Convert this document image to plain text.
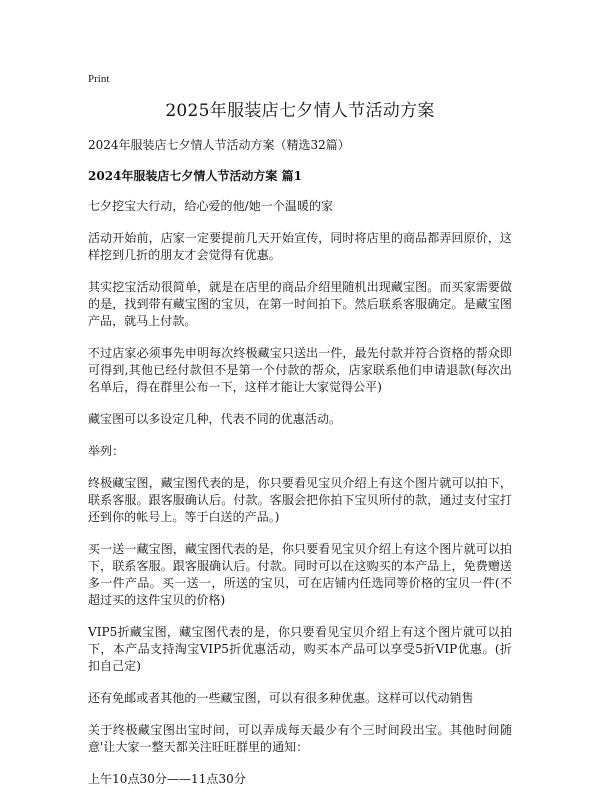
Print
2025年服装店七夕情人节活动方案

2024年服装店七夕情人节活动方案（精选32篇）

2024年服装店七夕情人节活动方案 篇1

七夕挖宝大行动，给心爱的他/她一个温暖的家

活动开始前，店家一定要提前几天开始宣传，同时将店里的商品都弄回原价，这样挖到几折的朋友才会觉得有优惠。

其实挖宝活动很简单，就是在店里的商品介绍里随机出现藏宝图。而买家需要做的是，找到带有藏宝图的宝贝，在第一时间拍下。然后联系客服确定。是藏宝图产品，就马上付款。

不过店家必须事先申明每次终极藏宝只送出一件，最先付款并符合资格的帮众即可得到,其他已经付款但不是第一个付款的帮众，店家联系他们申请退款(每次出名单后，得在群里公布一下，这样才能让大家觉得公平)

藏宝图可以多设定几种，代表不同的优惠活动。

举列：

终极藏宝图，藏宝图代表的是，你只要看见宝贝介绍上有这个图片就可以拍下，联系客服。跟客服确认后。付款。客服会把你拍下宝贝所付的款，通过支付宝打还到你的帐号上。等于白送的产品。)

买一送一藏宝图，藏宝图代表的是，你只要看见宝贝介绍上有这个图片就可以拍下，联系客服。跟客服确认后。付款。同时可以在这购买的本产品上，免费赠送多一件产品。买一送一，所送的宝贝，可在店铺内任选同等价格的宝贝一件(不超过买的这件宝贝的价格)

VIP5折藏宝图，藏宝图代表的是，你只要看见宝贝介绍上有这个图片就可以拍下，本产品支持淘宝VIP5折优惠活动，购买本产品可以享受5折VIP优惠。(折扣自己定)

还有免邮或者其他的一些藏宝图，可以有很多种优惠。这样可以代动销售

关于终极藏宝图出宝时间，可以弄成每天最少有个三时间段出宝。其他时间随意'让大家一整天都关注旺旺群里的通知：

上午10点30分——11点30分
